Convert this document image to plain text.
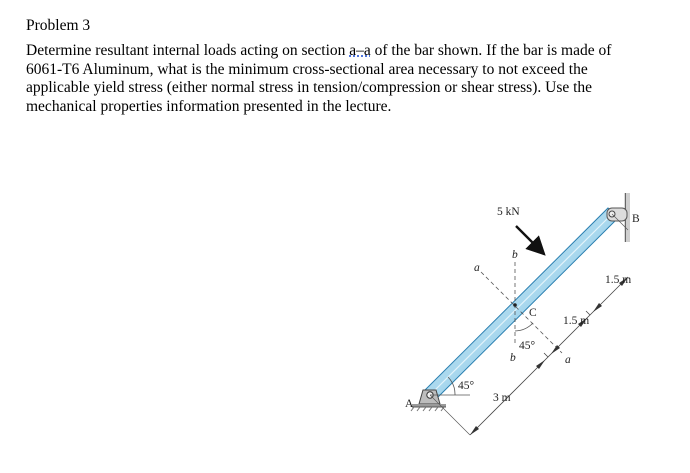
Problem 3
Determine resultant internal loads acting on section a–a of the bar shown. If the bar is made of
6061-T6 Aluminum, what is the minimum cross-sectional area necessary to not exceed the
applicable yield stress (either normal stress in tension/compression or shear stress). Use the
mechanical properties information presented in the lecture.
45°
A
B
5 kN
b
b
C
45°
a
a
3 m
1.5 m
1.5 m
